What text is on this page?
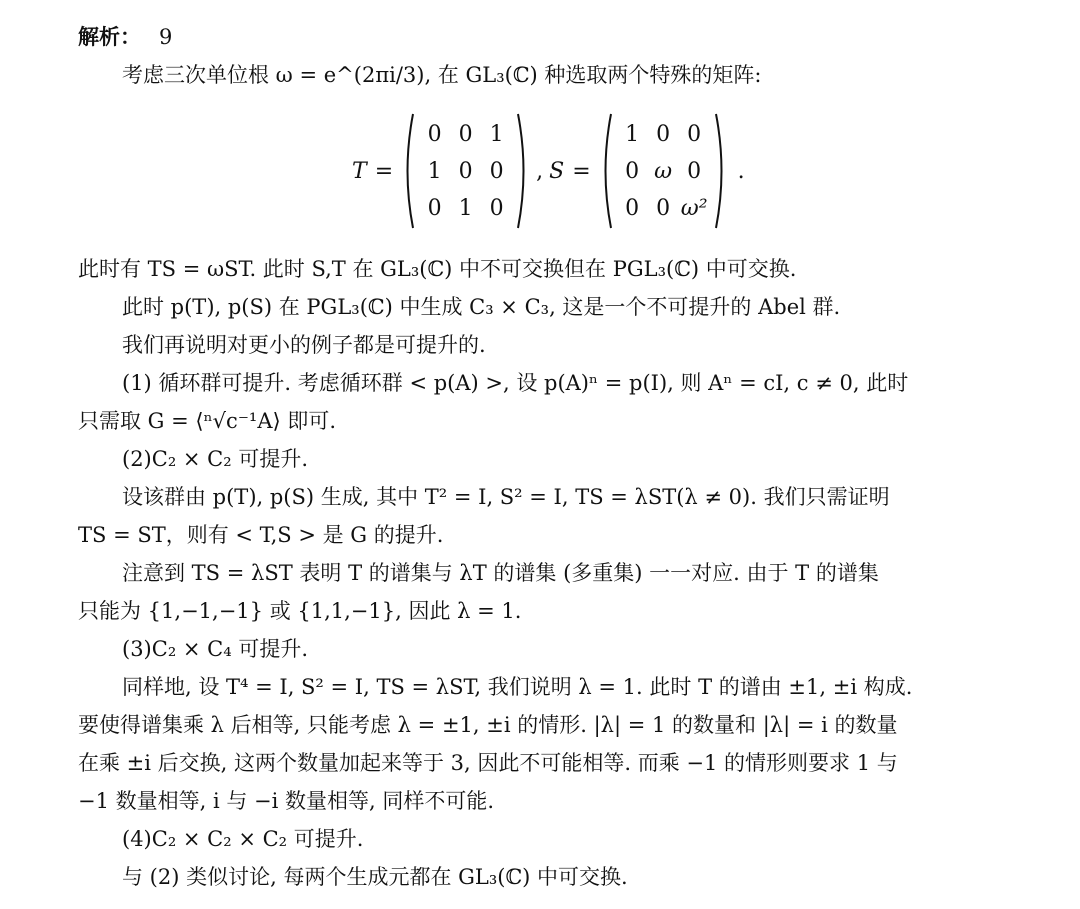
解析： 9
考虑三次单位根 ω = e^(2πi/3), 在 GL₃(ℂ) 种选取两个特殊的矩阵:
T =
0 0 1
1 0 0
0 1 0
, S =
1 0 0
0 ω 0
0 0 ω²
.
此时有 TS = ωST. 此时 S,T 在 GL₃(ℂ) 中不可交换但在 PGL₃(ℂ) 中可交换.
此时 p(T), p(S) 在 PGL₃(ℂ) 中生成 C₃ × C₃, 这是一个不可提升的 Abel 群.
我们再说明对更小的例子都是可提升的.
(1) 循环群可提升. 考虑循环群 < p(A) >, 设 p(A)ⁿ = p(I), 则 Aⁿ = cI, c ≠ 0, 此时
只需取 G = ⟨ⁿ√c⁻¹A⟩ 即可.
(2)C₂ × C₂ 可提升.
设该群由 p(T), p(S) 生成, 其中 T² = I, S² = I, TS = λST(λ ≠ 0). 我们只需证明
TS = ST，则有 < T,S > 是 G 的提升.
注意到 TS = λST 表明 T 的谱集与 λT 的谱集 (多重集) 一一对应. 由于 T 的谱集
只能为 {1,−1,−1} 或 {1,1,−1}, 因此 λ = 1.
(3)C₂ × C₄ 可提升.
同样地, 设 T⁴ = I, S² = I, TS = λST, 我们说明 λ = 1. 此时 T 的谱由 ±1, ±i 构成.
要使得谱集乘 λ 后相等, 只能考虑 λ = ±1, ±i 的情形. |λ| = 1 的数量和 |λ| = i 的数量
在乘 ±i 后交换, 这两个数量加起来等于 3, 因此不可能相等. 而乘 −1 的情形则要求 1 与
−1 数量相等, i 与 −i 数量相等, 同样不可能.
(4)C₂ × C₂ × C₂ 可提升.
与 (2) 类似讨论, 每两个生成元都在 GL₃(ℂ) 中可交换.
